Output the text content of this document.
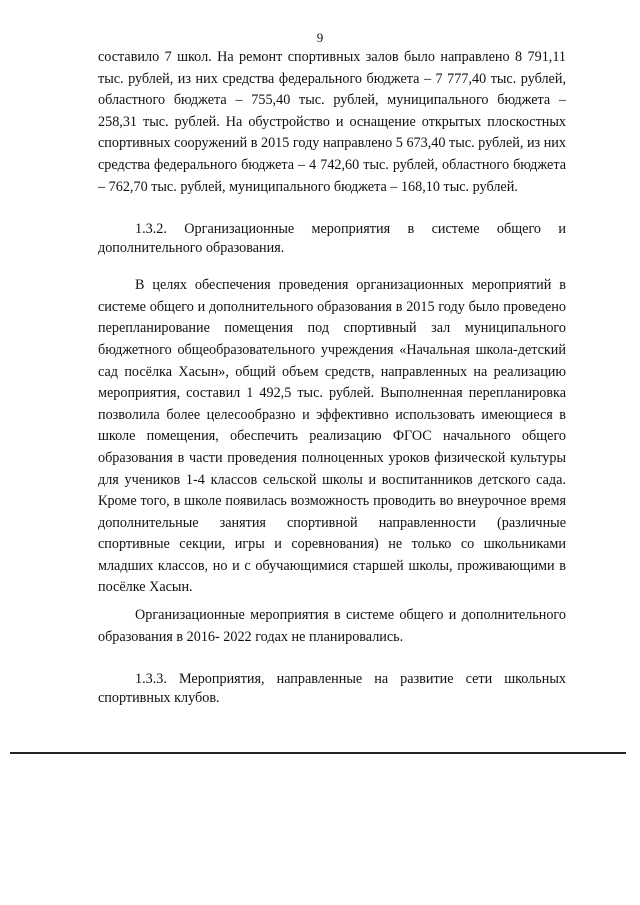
9

составило 7 школ. На ремонт спортивных залов было направлено 8 791,11 тыс. рублей, из них средства федерального бюджета – 7 777,40 тыс. рублей, областного бюджета – 755,40 тыс. рублей, муниципального бюджета – 258,31 тыс. рублей. На обустройство и оснащение открытых плоскостных спортивных сооружений в 2015 году направлено 5 673,40 тыс. рублей, из них средства федерального бюджета – 4 742,60 тыс. рублей, областного бюджета – 762,70 тыс. рублей, муниципального бюджета – 168,10 тыс. рублей.

1.3.2. Организационные мероприятия в системе общего и дополнительного образования.

В целях обеспечения проведения организационных мероприятий в системе общего и дополнительного образования в 2015 году было проведено перепланирование помещения под спортивный зал муниципального бюджетного общеобразовательного учреждения «Начальная школа-детский сад посёлка Хасын», общий объем средств, направленных на реализацию мероприятия, составил 1 492,5 тыс. рублей. Выполненная перепланировка позволила более целесообразно и эффективно использовать имеющиеся в школе помещения, обеспечить реализацию ФГОС начального общего образования в части проведения полноценных уроков физической культуры для учеников 1-4 классов сельской школы и воспитанников детского сада. Кроме того, в школе появилась возможность проводить во внеурочное время дополнительные занятия спортивной направленности (различные спортивные секции, игры и соревнования) не только со школьниками младших классов, но и с обучающимися старшей школы, проживающими в посёлке Хасын.

Организационные мероприятия в системе общего и дополнительного образования в 2016- 2022 годах не планировались.

1.3.3. Мероприятия, направленные на развитие сети школьных спортивных клубов.
